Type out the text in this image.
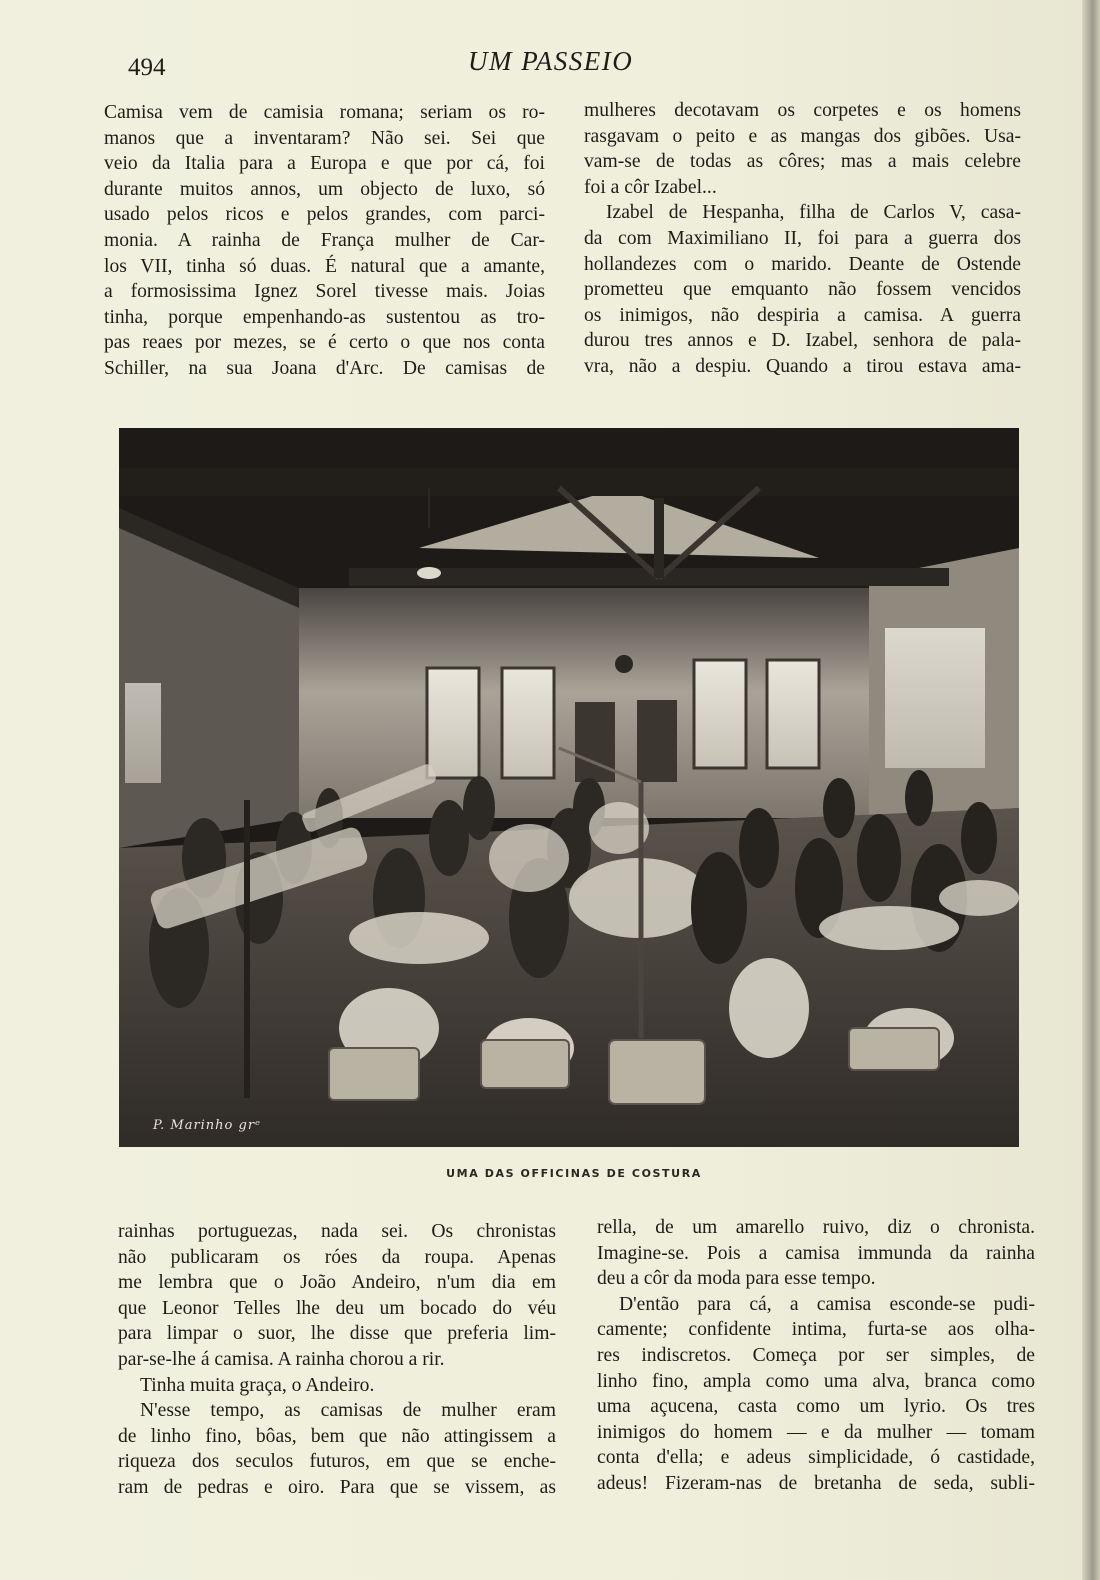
494	UM PASSEIO
Camisa vem de camisia romana; seriam os ro-
manos que a inventaram? Não sei. Sei que
veio da Italia para a Europa e que por cá, foi
durante muitos annos, um objecto de luxo, só
usado pelos ricos e pelos grandes, com parci-
monia. A rainha de França mulher de Car-
los VII, tinha só duas. É natural que a amante,
a formosissima Ignez Sorel tivesse mais. Joias
tinha, porque empenhando-as sustentou as tro-
pas reaes por mezes, se é certo o que nos conta
Schiller, na sua Joana d'Arc. De camisas de
mulheres decotavam os corpetes e os homens
rasgavam o peito e as mangas dos gibões. Usa-
vam-se de todas as côres; mas a mais celebre
foi a côr Izabel...
Izabel de Hespanha, filha de Carlos V, casa-
da com Maximiliano II, foi para a guerra dos
hollandezes com o marido. Deante de Ostende
prometteu que emquanto não fossem vencidos
os inimigos, não despiria a camisa. A guerra
durou tres annos e D. Izabel, senhora de pala-
vra, não a despiu. Quando a tirou estava ama-
P. Marinho grᵉ
UMA DAS OFFICINAS DE COSTURA
rainhas portuguezas, nada sei. Os chronistas
não publicaram os róes da roupa. Apenas
me lembra que o João Andeiro, n'um dia em
que Leonor Telles lhe deu um bocado do véu
para limpar o suor, lhe disse que preferia lim-
par-se-lhe á camisa. A rainha chorou a rir.
Tinha muita graça, o Andeiro.
N'esse tempo, as camisas de mulher eram
de linho fino, bôas, bem que não attingissem a
riqueza dos seculos futuros, em que se enche-
ram de pedras e oiro. Para que se vissem, as
rella, de um amarello ruivo, diz o chronista.
Imagine-se. Pois a camisa immunda da rainha
deu a côr da moda para esse tempo.
D'então para cá, a camisa esconde-se pudi-
camente; confidente intima, furta-se aos olha-
res indiscretos. Começa por ser simples, de
linho fino, ampla como uma alva, branca como
uma açucena, casta como um lyrio. Os tres
inimigos do homem — e da mulher — tomam
conta d'ella; e adeus simplicidade, ó castidade,
adeus! Fizeram-nas de bretanha de seda, subli-
